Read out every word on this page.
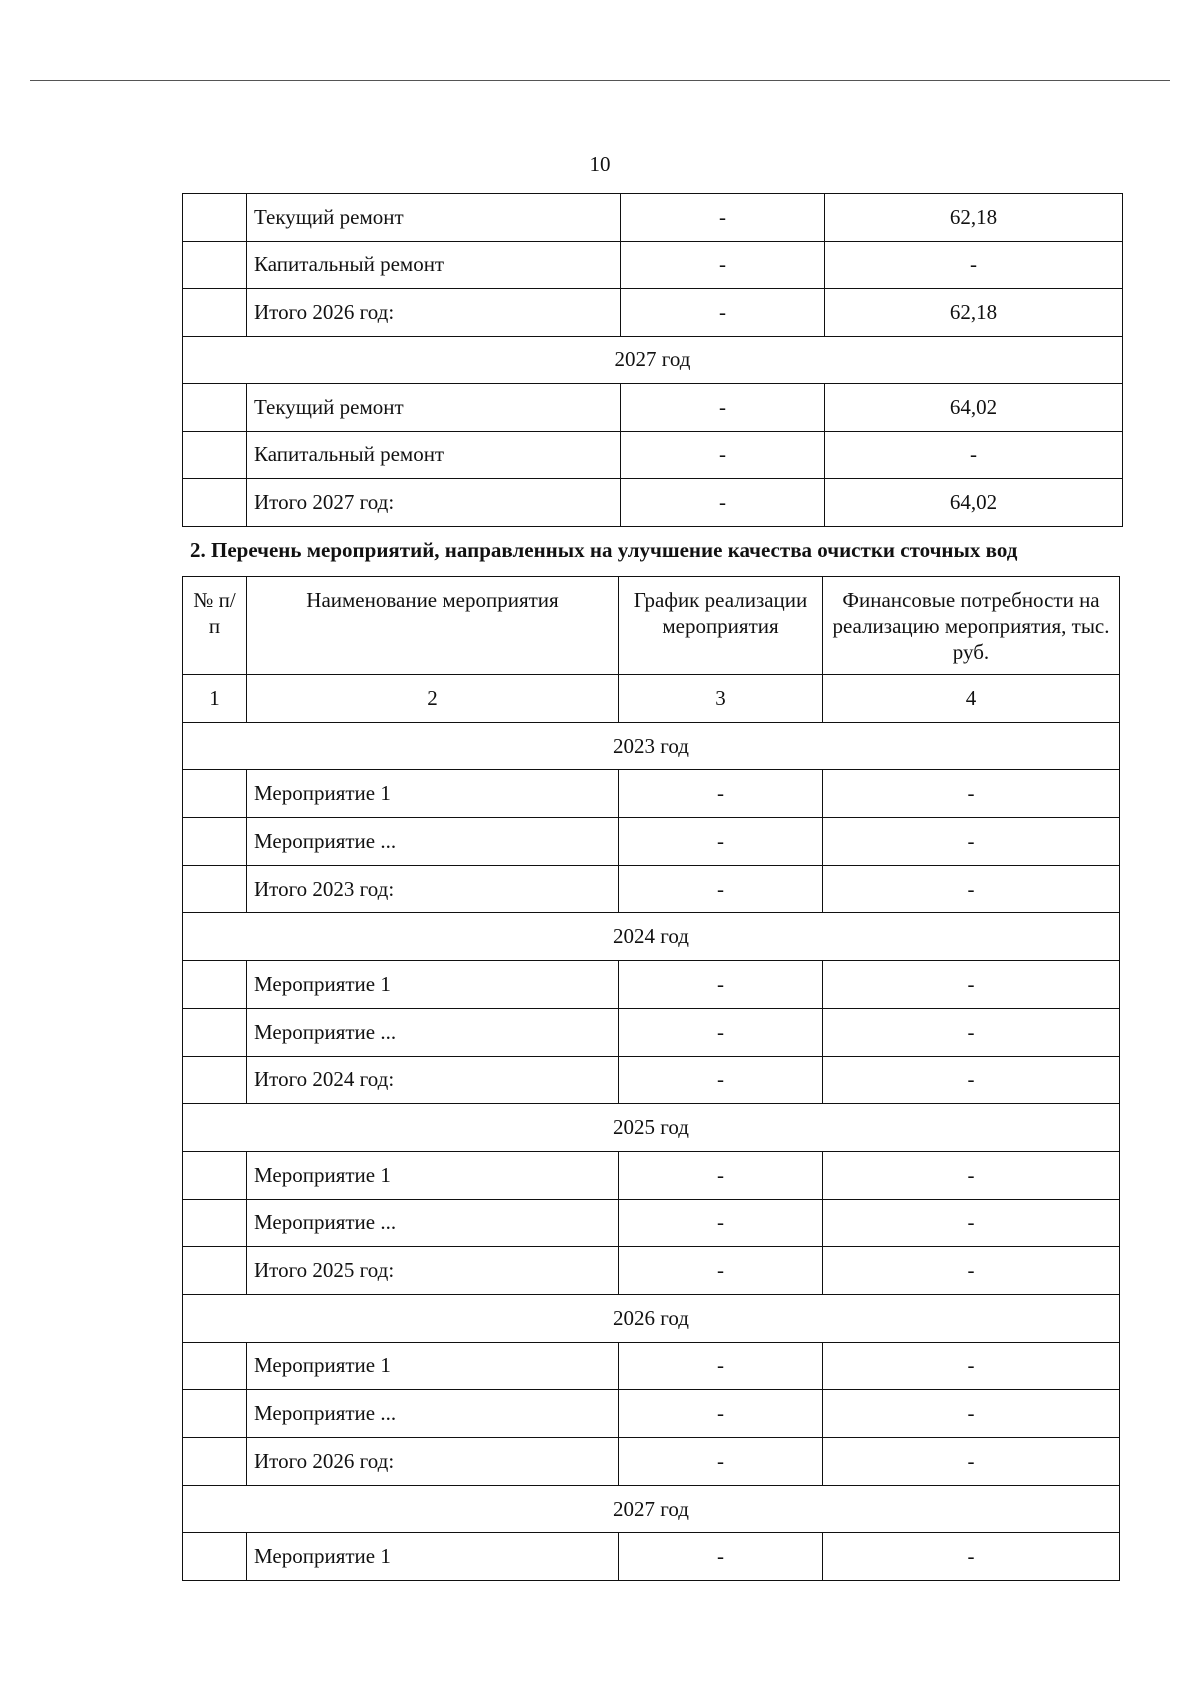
10
	Текущий ремонт	-	62,18
	Капитальный ремонт	-	-
	Итого 2026 год:	-	62,18
2027 год			
	Текущий ремонт	-	64,02
	Капитальный ремонт	-	-
	Итого 2027 год:	-	64,02
2. Перечень мероприятий, направленных на улучшение качества очистки сточных вод
№ п/п	Наименование мероприятия	График реализации мероприятия	Финансовые потребности на реализацию мероприятия, тыс. руб.
1	2	3	4
2023 год			
	Мероприятие 1	-	-
	Мероприятие ...	-	-
	Итого 2023 год:	-	-
2024 год			
	Мероприятие 1	-	-
	Мероприятие ...	-	-
	Итого 2024 год:	-	-
2025 год			
	Мероприятие 1	-	-
	Мероприятие ...	-	-
	Итого 2025 год:	-	-
2026 год			
	Мероприятие 1	-	-
	Мероприятие ...	-	-
	Итого 2026 год:	-	-
2027 год			
	Мероприятие 1	-	-
